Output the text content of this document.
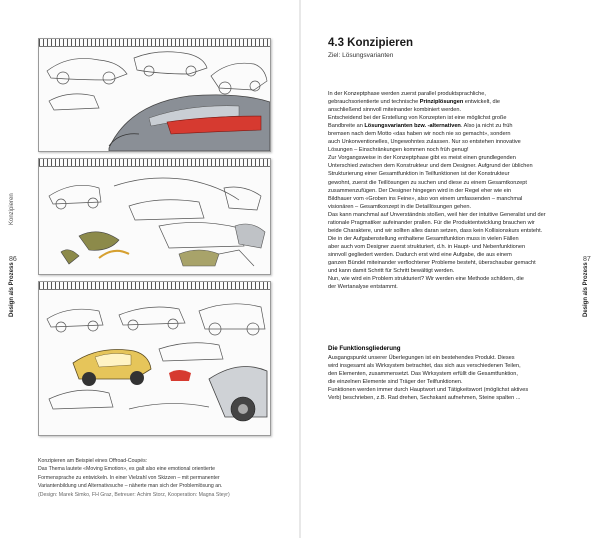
86
Konzipieren
Design als Prozess
Konzipieren am Beispiel eines Offroad-Coupés:
Das Thema lautete «Moving Emotion», es galt also eine emotional orientierte
Formensprache zu entwickeln. In einer Vielzahl von Skizzen – mit permanenter
Variantenbildung und Alternativsuche – näherte man sich der Problemlösung an.
(Design: Marek Simko, FH Graz, Betreuer: Achim Storz, Kooperation: Magna Steyr)
4.3 Konzipieren
Ziel: Lösungsvarianten
In der Konzeptphase werden zuerst parallel produktsprachliche,
gebrauchsorientierte und technische Prinziplösungen entwickelt, die
anschließend sinnvoll miteinander kombiniert werden.
Entscheidend bei der Erstellung von Konzepten ist eine möglichst große
Bandbreite an Lösungsvarianten bzw. -alternativen. Also ja nicht zu früh
bremsen nach dem Motto «das haben wir noch nie so gemacht», sondern
auch Unkonventionelles, Ungewohntes zulassen. Nur so entstehen innovative
Lösungen – Einschränkungen kommen noch früh genug!
Zur Vorgangsweise in der Konzeptphase gibt es meist einen grundlegenden
Unterschied zwischen dem Konstrukteur und dem Designer. Aufgrund der üblichen
Strukturierung einer Gesamtfunktion in Teilfunktionen ist der Konstrukteur
gewohnt, zuerst die Teillösungen zu suchen und diese zu einem Gesamtkonzept
zusammenzufügen. Der Designer hingegen wird in der Regel eher wie ein
Bildhauer vom «Groben ins Feine», also von einem umfassenden – manchmal
visionären – Gesamtkonzept in die Detaillösungen gehen.
Das kann manchmal auf Unverständnis stoßen, weil hier der intuitive Generalist und der
rationale Pragmatiker aufeinander prallen. Für die Produktentwicklung brauchen wir
beide Charaktere, und wir sollten alles daran setzen, dass kein Kollisionskurs entsteht.
Die in der Aufgabenstellung enthaltene Gesamtfunktion muss in vielen Fällen
aber auch vom Designer zuerst strukturiert, d.h. in Haupt- und Nebenfunktionen
sinnvoll gegliedert werden. Dadurch erst wird eine Aufgabe, die aus einem
ganzen Bündel miteinander verflochtener Probleme besteht, überschaubar gemacht
und kann damit Schritt für Schritt bewältigt werden.
Nun, wie wird ein Problem strukturiert? Wir werden eine Methode schildern, die
der Wertanalyse entstammt.
Die Funktionsgliederung
Ausgangspunkt unserer Überlegungen ist ein bestehendes Produkt. Dieses
wird insgesamt als Wirksystem betrachtet, das sich aus verschiedenen Teilen,
den Elementen, zusammensetzt. Das Wirksystem erfüllt die Gesamtfunktion,
die einzelnen Elemente sind Träger der Teilfunktionen.
Funktionen werden immer durch Hauptwort und Tätigkeitswort (möglichst aktives
Verb) beschrieben, z.B. Rad drehen, Sechskant aufnehmen, Steine spalten ...
87
Design als Prozess
